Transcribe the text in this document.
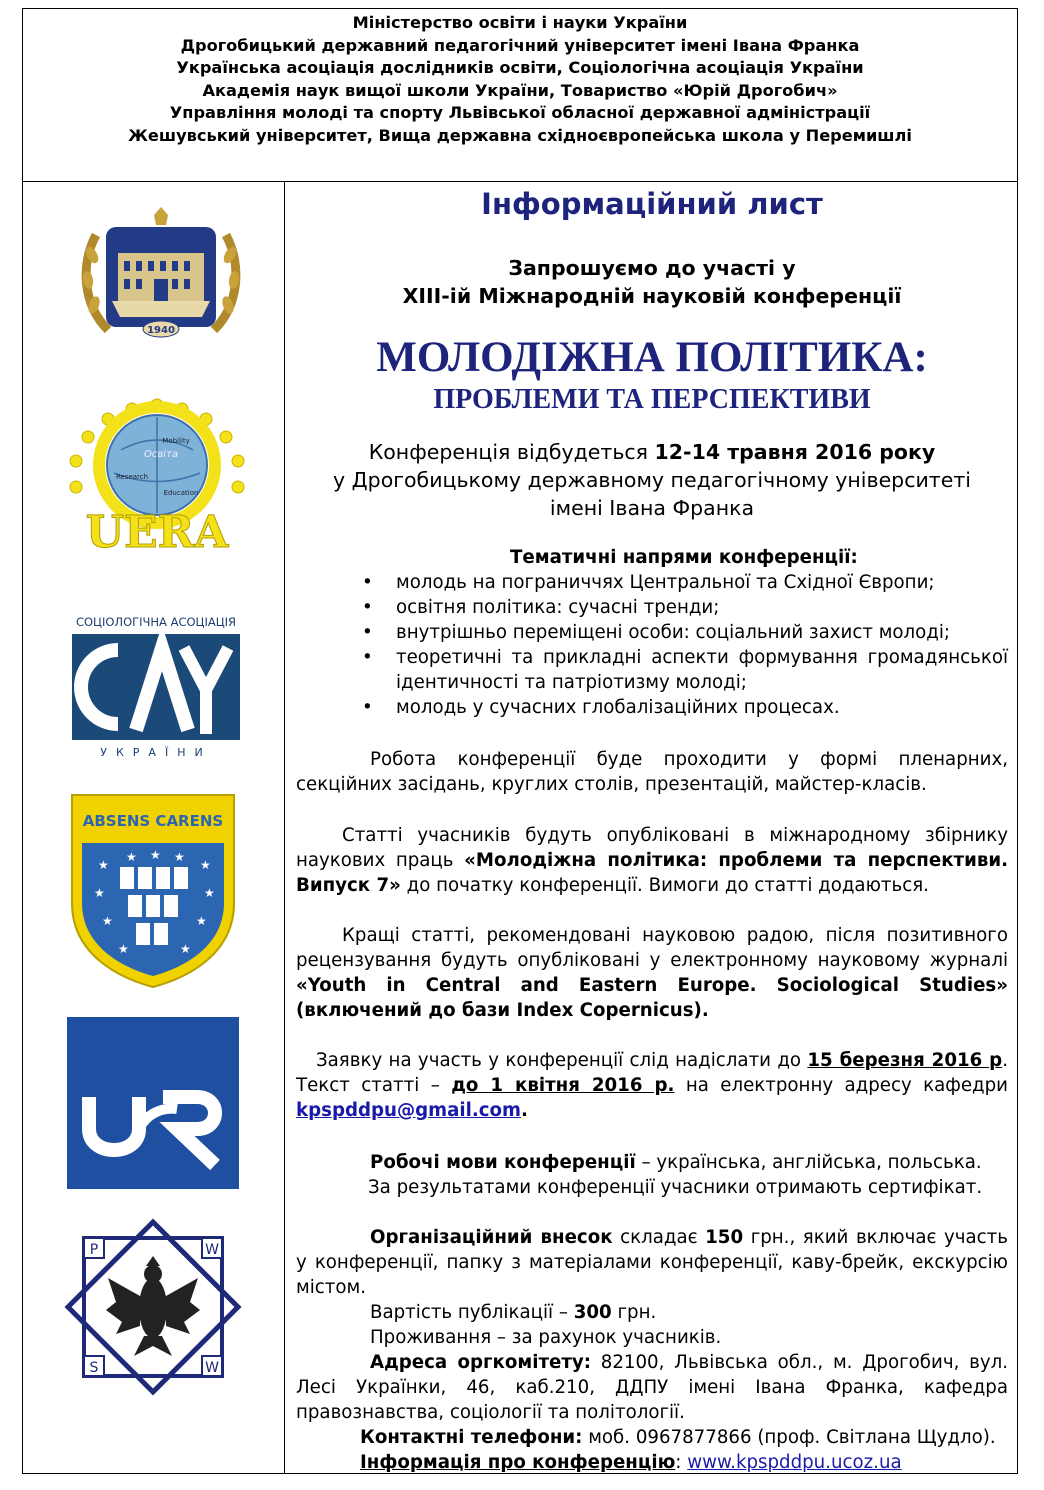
Міністерство освіти і науки України
Дрогобицький державний педагогічний університет імені Івана Франка
Українська асоціація дослідників освіти, Соціологічна асоціація України
Академія наук вищої школи України, Товариство «Юрій Дрогобич»
Управління молоді та спорту Львівської обласної державної адміністрації
Жешувський університет, Вища державна східноєвропейська школа у Перемишлі
1940
Освіта
Education
Research
Mobility
UERA
СОЦІОЛОГІЧНА АСОЦІАЦІЯ
УКРАЇНИ
ABSENS CARENS
★	★
★	★
★	★
★	★
★	★
★
P	W
S	W
Інформаційний лист
Запрошуємо до участі у
ХІІІ-ій Міжнародній науковій конференції
МОЛОДІЖНА ПОЛІТИКА:
ПРОБЛЕМИ ТА ПЕРСПЕКТИВИ
Конференція відбудеться 12-14 травня 2016 року
у Дрогобицькому державному педагогічному університеті
імені Івана Франка
Тематичні напрями конференції:
• молодь на пограниччях Центральної та Східної Європи;
• освітня політика: сучасні тренди;
• внутрішньо переміщені особи: соціальний захист молоді;
• теоретичні та прикладні аспекти формування громадянської
ідентичності та патріотизму молоді;
• молодь у сучасних глобалізаційних процесах.
Робота конференції буде проходити у формі пленарних,
секційних засідань, круглих столів, презентацій, майстер-класів.
Статті учасників будуть опубліковані в міжнародному збірнику
наукових праць «Молодіжна політика: проблеми та перспективи.
Випуск 7» до початку конференції. Вимоги до статті додаються.
Кращі статті, рекомендовані науковою радою, після позитивного
рецензування будуть опубліковані у електронному науковому журналі
«Youth in Central and Eastern Europe. Sociological Studies»
(включений до бази Index Copernicus).
Заявку на участь у конференції слід надіслати до 15 березня 2016 р.
Текст статті – до 1 квітня 2016 р. на електронну адресу кафедри
kpspddpu@gmail.com.
Робочі мови конференції – українська, англійська, польська.
За результатами конференції учасники отримають сертифікат.
Організаційний внесок складає 150 грн., який включає участь
у конференції, папку з матеріалами конференції, каву-брейк, екскурсію
містом.
Вартість публікації – 300 грн.
Проживання – за рахунок учасників.
Адреса оргкомітету: 82100, Львівська обл., м. Дрогобич, вул.
Лесі Українки, 46, каб.210, ДДПУ імені Івана Франка, кафедра
правознавства, соціології та політології.
Контактні телефони: моб. 0967877866 (проф. Світлана Щудло).
Інформація про конференцію: www.kpspddpu.ucoz.ua
